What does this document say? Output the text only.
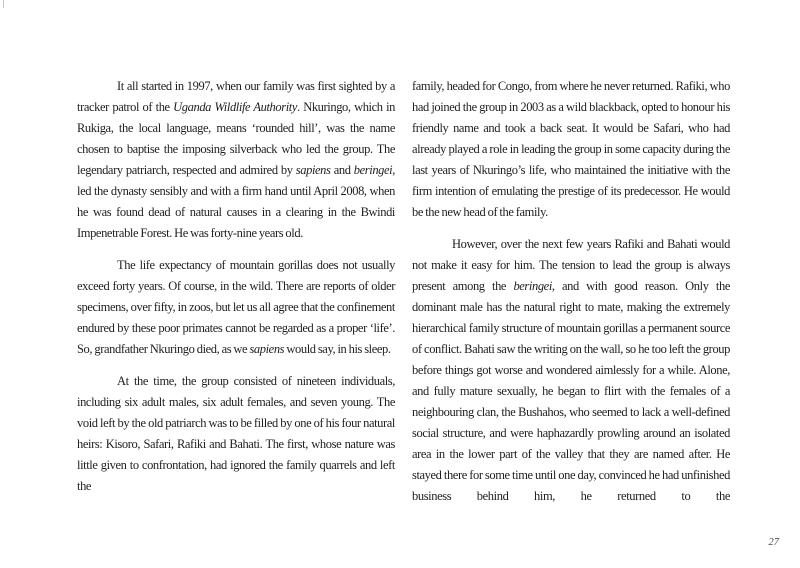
It all started in 1997, when our family was first sighted by a tracker patrol of the Uganda Wildlife Authority. Nkuringo, which in Rukiga, the local language, means ‘rounded hill’, was the name chosen to baptise the imposing silverback who led the group. The legendary patriarch, respected and admired by sapiens and beringei, led the dynasty sensibly and with a firm hand until April 2008, when he was found dead of natural causes in a clearing in the Bwindi Impenetrable Forest. He was forty-nine years old.

The life expectancy of mountain gorillas does not usually exceed forty years. Of course, in the wild. There are reports of older specimens, over fifty, in zoos, but let us all agree that the confinement endured by these poor primates cannot be regarded as a proper ‘life’. So, grandfather Nkuringo died, as we sapiens would say, in his sleep.

At the time, the group consisted of nineteen individuals, including six adult males, six adult females, and seven young. The void left by the old patriarch was to be filled by one of his four natural heirs: Kisoro, Safari, Rafiki and Bahati. The first, whose nature was little given to confrontation, had ignored the family quarrels and left the

family, headed for Congo, from where he never returned. Rafiki, who had joined the group in 2003 as a wild blackback, opted to honour his friendly name and took a back seat. It would be Safari, who had already played a role in leading the group in some capacity during the last years of Nkuringo’s life, who maintained the initiative with the firm intention of emulating the prestige of its predecessor. He would be the new head of the family.

However, over the next few years Rafiki and Bahati would not make it easy for him. The tension to lead the group is always present among the beringei, and with good reason. Only the dominant male has the natural right to mate, making the extremely hierarchical family structure of mountain gorillas a permanent source of conflict. Bahati saw the writing on the wall, so he too left the group before things got worse and wondered aimlessly for a while. Alone, and fully mature sexually, he began to flirt with the females of a neighbouring clan, the Bushahos, who seemed to lack a well-defined social structure, and were haphazardly prowling around an isolated area in the lower part of the valley that they are named after. He stayed there for some time until one day, convinced he had unfinished business behind him, he returned to the

27
